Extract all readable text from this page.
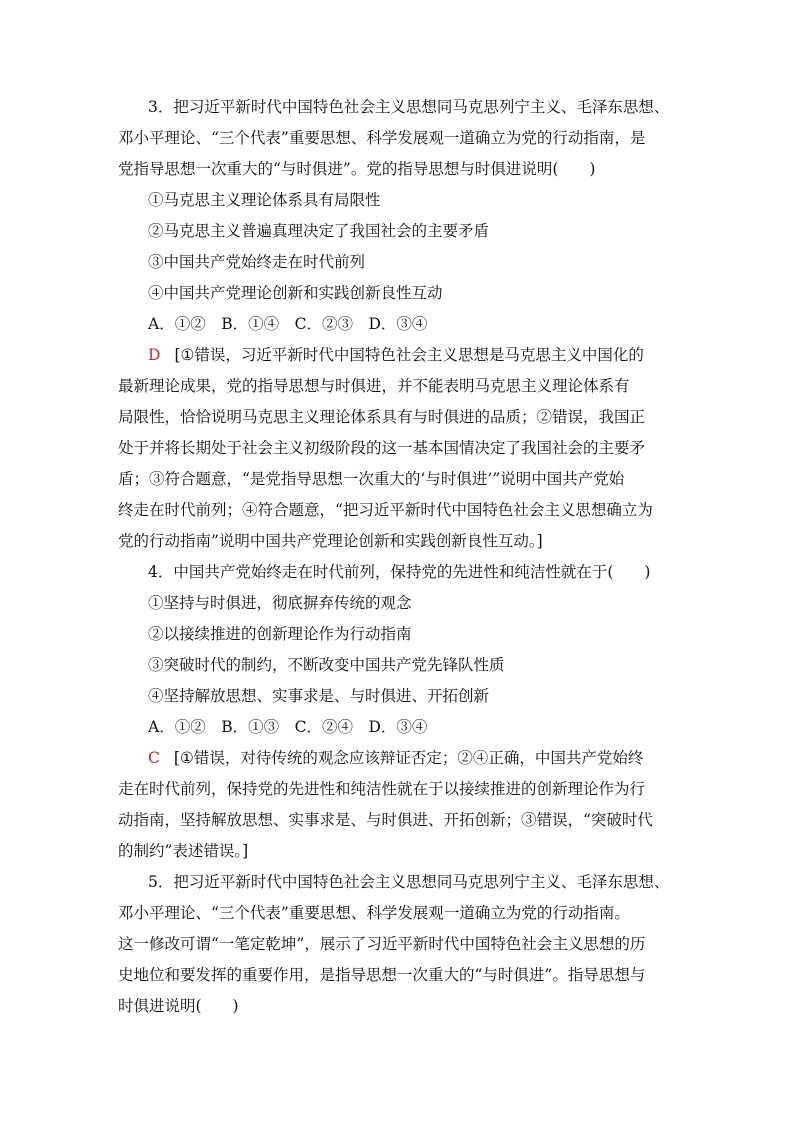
3．把习近平新时代中国特色社会主义思想同马克思列宁主义、毛泽东思想、
邓小平理论、“三个代表”重要思想、科学发展观一道确立为党的行动指南，是
党指导思想一次重大的“与时俱进”。党的指导思想与时俱进说明(　　)
①马克思主义理论体系具有局限性
②马克思主义普遍真理决定了我国社会的主要矛盾
③中国共产党始终走在时代前列
④中国共产党理论创新和实践创新良性互动
A．①②　B．①④　C．②③　D．③④
D [①错误，习近平新时代中国特色社会主义思想是马克思主义中国化的
最新理论成果，党的指导思想与时俱进，并不能表明马克思主义理论体系有
局限性，恰恰说明马克思主义理论体系具有与时俱进的品质；②错误，我国正
处于并将长期处于社会主义初级阶段的这一基本国情决定了我国社会的主要矛
盾；③符合题意，“是党指导思想一次重大的‘与时俱进’”说明中国共产党始
终走在时代前列；④符合题意，“把习近平新时代中国特色社会主义思想确立为
党的行动指南”说明中国共产党理论创新和实践创新良性互动。]
4．中国共产党始终走在时代前列，保持党的先进性和纯洁性就在于(　　)
①坚持与时俱进，彻底摒弃传统的观念
②以接续推进的创新理论作为行动指南
③突破时代的制约，不断改变中国共产党先锋队性质
④坚持解放思想、实事求是、与时俱进、开拓创新
A．①②　B．①③　C．②④　D．③④
C [①错误，对待传统的观念应该辩证否定；②④正确，中国共产党始终
走在时代前列，保持党的先进性和纯洁性就在于以接续推进的创新理论作为行
动指南，坚持解放思想、实事求是、与时俱进、开拓创新；③错误，“突破时代
的制约”表述错误。]
5．把习近平新时代中国特色社会主义思想同马克思列宁主义、毛泽东思想、
邓小平理论、“三个代表”重要思想、科学发展观一道确立为党的行动指南。
这一修改可谓“一笔定乾坤”，展示了习近平新时代中国特色社会主义思想的历
史地位和要发挥的重要作用，是指导思想一次重大的“与时俱进”。指导思想与
时俱进说明(　　)
